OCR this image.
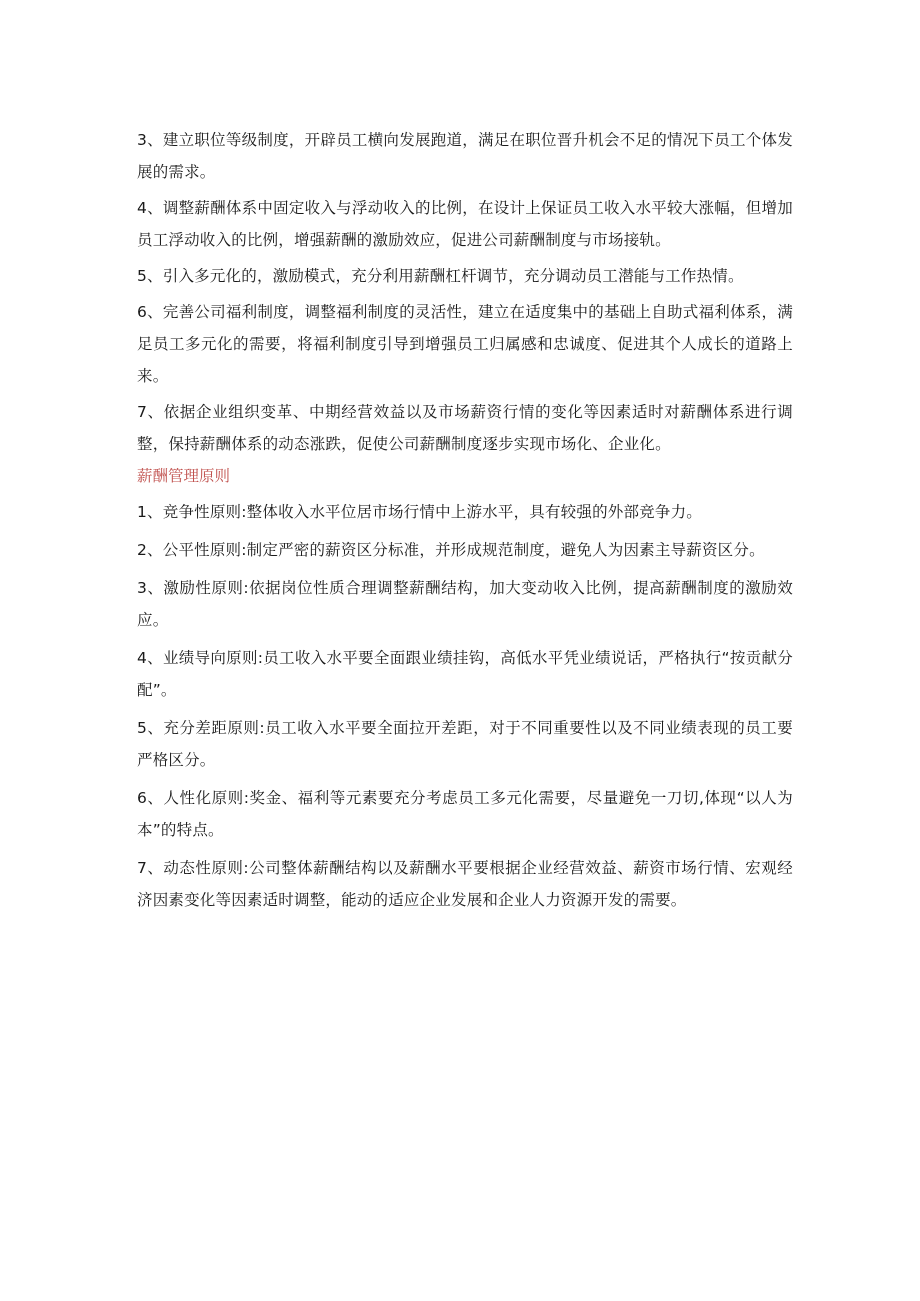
3、建立职位等级制度，开辟员工横向发展跑道，满足在职位晋升机会不足的情况下员工个体发展的需求。

4、调整薪酬体系中固定收入与浮动收入的比例，在设计上保证员工收入水平较大涨幅，但增加员工浮动收入的比例，增强薪酬的激励效应，促进公司薪酬制度与市场接轨。

5、引入多元化的，激励模式，充分利用薪酬杠杆调节，充分调动员工潜能与工作热情。

6、完善公司福利制度，调整福利制度的灵活性，建立在适度集中的基础上自助式福利体系，满足员工多元化的需要，将福利制度引导到增强员工归属感和忠诚度、促进其个人成长的道路上来。

7、依据企业组织变革、中期经营效益以及市场薪资行情的变化等因素适时对薪酬体系进行调整，保持薪酬体系的动态涨跌，促使公司薪酬制度逐步实现市场化、企业化。

薪酬管理原则

1、竞争性原则:整体收入水平位居市场行情中上游水平，具有较强的外部竞争力。

2、公平性原则:制定严密的薪资区分标准，并形成规范制度，避免人为因素主导薪资区分。

3、激励性原则:依据岗位性质合理调整薪酬结构，加大变动收入比例，提高薪酬制度的激励效应。

4、业绩导向原则:员工收入水平要全面跟业绩挂钩，高低水平凭业绩说话，严格执行“按贡献分配”。

5、充分差距原则:员工收入水平要全面拉开差距，对于不同重要性以及不同业绩表现的员工要严格区分。

6、人性化原则:奖金、福利等元素要充分考虑员工多元化需要，尽量避免一刀切,体现“以人为本”的特点。

7、动态性原则:公司整体薪酬结构以及薪酬水平要根据企业经营效益、薪资市场行情、宏观经济因素变化等因素适时调整，能动的适应企业发展和企业人力资源开发的需要。
